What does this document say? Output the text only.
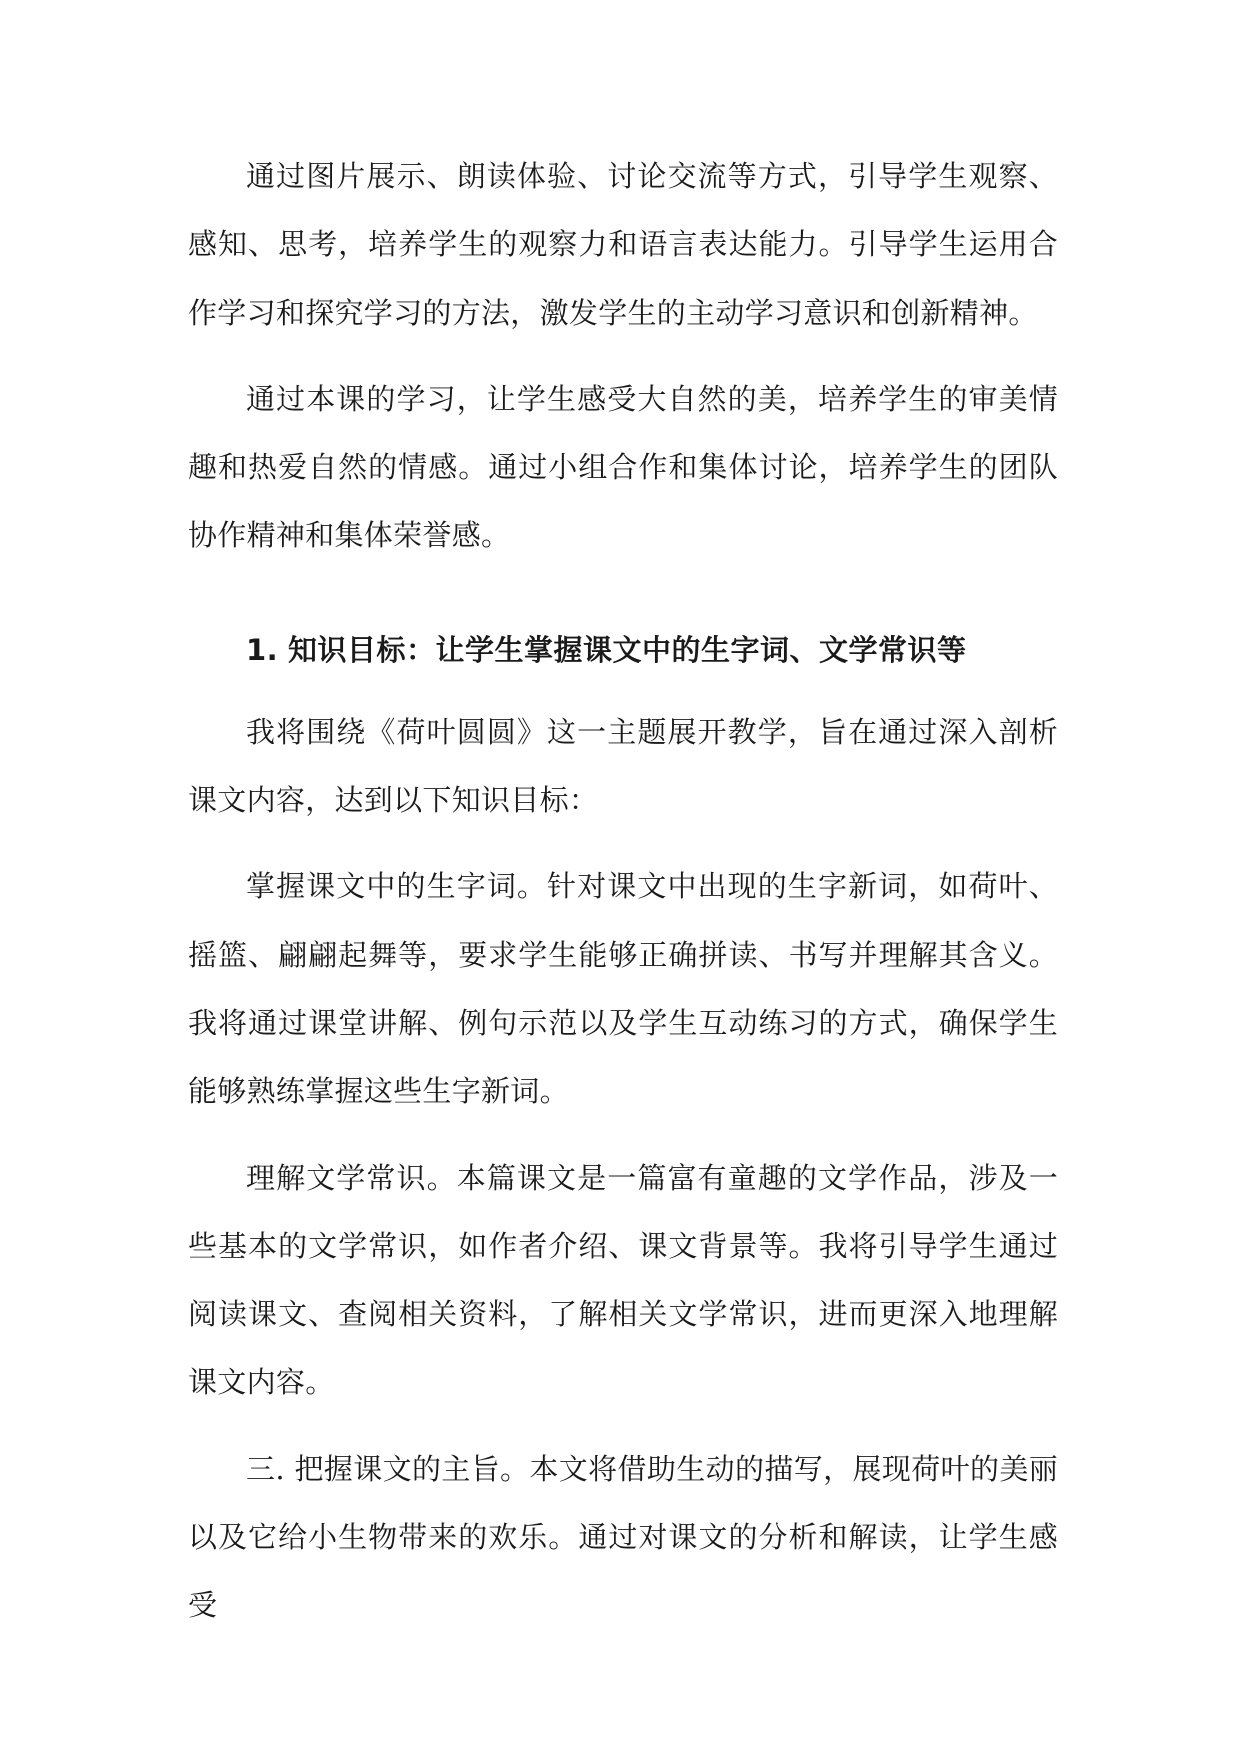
通过图片展示、朗读体验、讨论交流等方式，引导学生观察、感知、思考，培养学生的观察力和语言表达能力。引导学生运用合作学习和探究学习的方法，激发学生的主动学习意识和创新精神。

通过本课的学习，让学生感受大自然的美，培养学生的审美情趣和热爱自然的情感。通过小组合作和集体讨论，培养学生的团队协作精神和集体荣誉感。

1. 知识目标：让学生掌握课文中的生字词、文学常识等

我将围绕《荷叶圆圆》这一主题展开教学，旨在通过深入剖析课文内容，达到以下知识目标：

掌握课文中的生字词。针对课文中出现的生字新词，如荷叶、摇篮、翩翩起舞等，要求学生能够正确拼读、书写并理解其含义。我将通过课堂讲解、例句示范以及学生互动练习的方式，确保学生能够熟练掌握这些生字新词。

理解文学常识。本篇课文是一篇富有童趣的文学作品，涉及一些基本的文学常识，如作者介绍、课文背景等。我将引导学生通过阅读课文、查阅相关资料，了解相关文学常识，进而更深入地理解课文内容。

三. 把握课文的主旨。本文将借助生动的描写，展现荷叶的美丽以及它给小生物带来的欢乐。通过对课文的分析和解读，让学生感受
